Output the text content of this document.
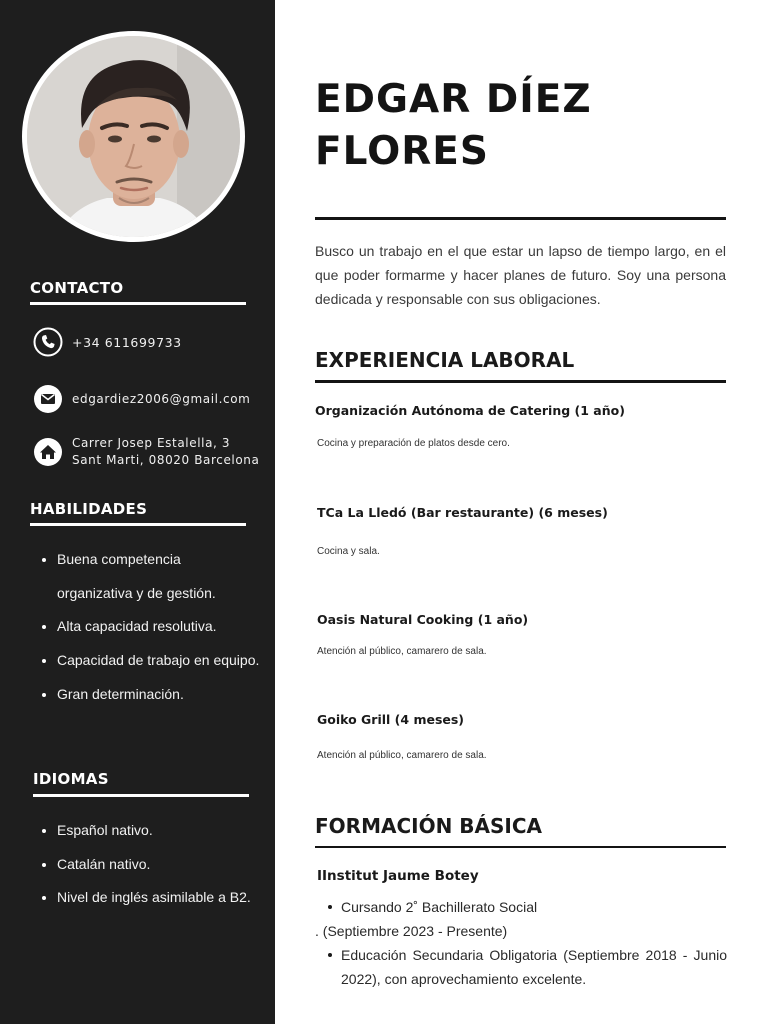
CONTACTO
+34 611699733
edgardiez2006@gmail.com
Carrer Josep Estalella, 3
Sant Marti, 08020 Barcelona
HABILIDADES
Buena competencia organizativa y de gestión.
Alta capacidad resolutiva.
Capacidad de trabajo en equipo.
Gran determinación.
IDIOMAS
Español nativo.
Catalán nativo.
Nivel de inglés asimilable a B2.
EDGAR DÍEZ
FLORES

Busco un trabajo en el que estar un lapso de tiempo largo, en el que poder formarme y hacer planes de futuro. Soy una persona dedicada y responsable con sus obligaciones.

EXPERIENCIA LABORAL
Organización Autónoma de Catering (1 año)
Cocina y preparación de platos desde cero.
TCa La Lledó (Bar restaurante) (6 meses)
Cocina y sala.
Oasis Natural Cooking (1 año)
Atención al público, camarero de sala.
Goiko Grill (4 meses)
Atención al público, camarero de sala.
FORMACIÓN BÁSICA
IInstitut Jaume Botey
Cursando 2˚ Bachillerato Social
. (Septiembre 2023 - Presente)
Educación Secundaria Obligatoria (Septiembre 2018 - Junio 2022), con aprovechamiento excelente.
